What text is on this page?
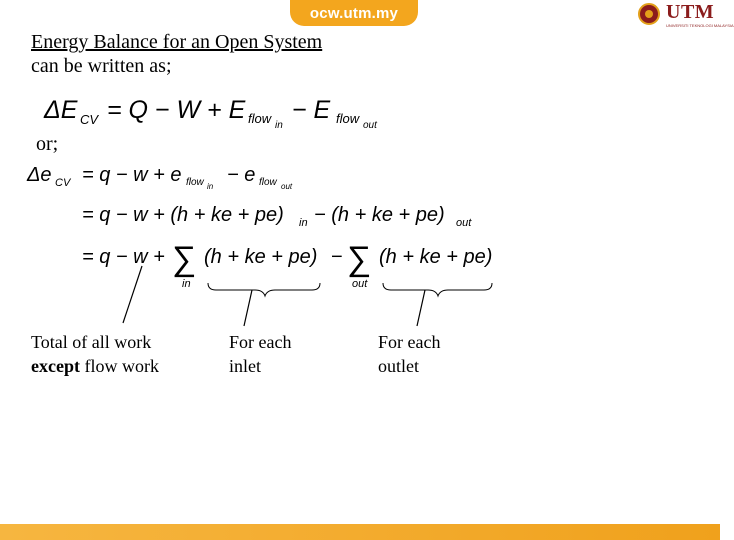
ocw.utm.my	UTM
UNIVERSITI TEKNOLOGI MALAYSIA
Energy Balance for an Open System
can be written as;
or;
ΔE CV = Q − W + E flow in
− E flow out
Δe CV = q − w + e flow in
− e flow out
= q − w + (h + ke + pe) in − (h + ke + pe) out
= q − w + ∑
in
(h + ke + pe) − ∑
out
(h + ke + pe)
Total of all work
except flow work
For each
inlet
For each
outlet
